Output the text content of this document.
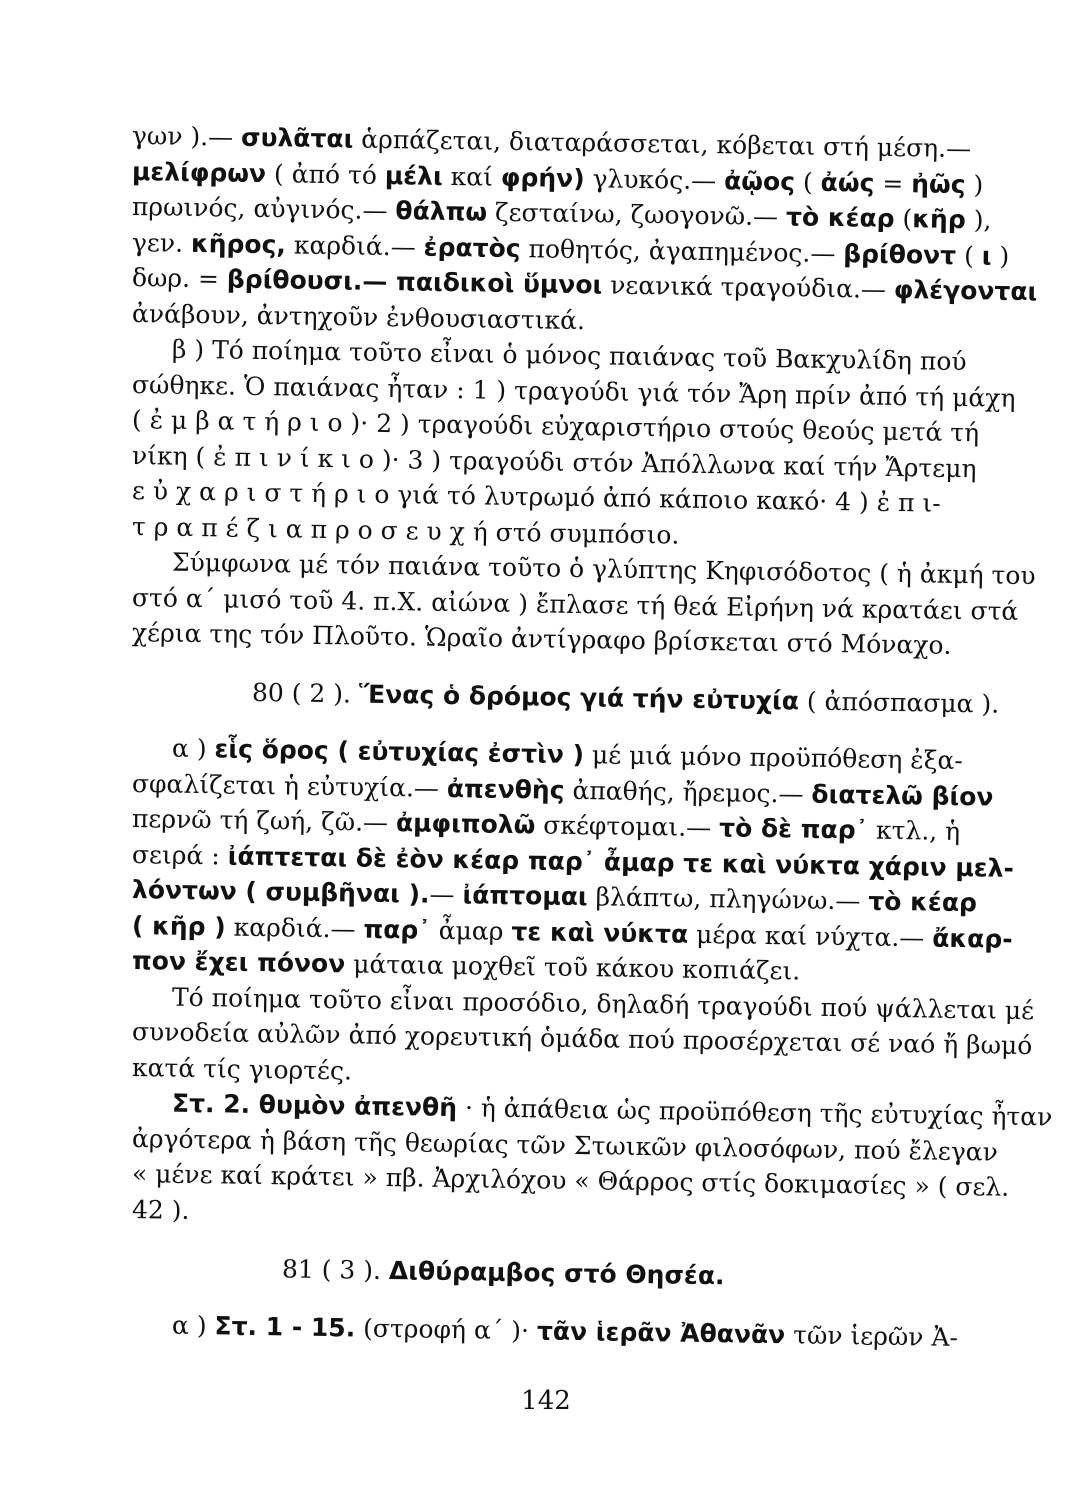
γων ).— συλᾶται ἁρπάζεται, διαταράσσεται, κόβεται στή μέση.—
μελίφρων ( ἀπό τό μέλι καί φρήν) γλυκός.— ἀῷος ( ἀώς = ἠῶς )
πρωινός, αὐγινός.— θάλπω ζεσταίνω, ζωογονῶ.— τὸ κέαρ (κῆρ ),
γεν. κῆρος, καρδιά.— ἐρατὸς ποθητός, ἀγαπημένος.— βρίθοντ ( ι )
δωρ. = βρίθουσι.— παιδικοὶ ὕμνοι νεανικά τραγούδια.— φλέγονται
ἀνάβουν, ἀντηχοῦν ἐνθουσιαστικά.
β ) Τό ποίημα τοῦτο εἶναι ὁ μόνος παιάνας τοῦ Βακχυλίδη πού
σώθηκε. Ὁ παιάνας ἦταν : 1 ) τραγούδι γιά τόν Ἄρη πρίν ἀπό τή μάχη
( ἐ μ β α τ ή ρ ι ο )· 2 ) τραγούδι εὐχαριστήριο στούς θεούς μετά τή
νίκη ( ἐ π ι ν ί κ ι ο )· 3 ) τραγούδι στόν Ἀπόλλωνα καί τήν Ἄρτεμη
ε ὐ χ α ρ ι σ τ ή ρ ι ο γιά τό λυτρωμό ἀπό κάποιο κακό· 4 ) ἐ π ι-
τ ρ α π έ ζ ι α π ρ ο σ ε υ χ ή στό συμπόσιο.
Σύμφωνα μέ τόν παιάνα τοῦτο ὁ γλύπτης Κηφισόδοτος ( ἡ ἀκμή του
στό α΄ μισό τοῦ 4. π.Χ. αἰώνα ) ἔπλασε τή θεά Εἰρήνη νά κρατάει στά
χέρια της τόν Πλοῦτο. Ὡραῖο ἀντίγραφο βρίσκεται στό Μόναχο.
80 ( 2 ). Ἕνας ὁ δρόμος γιά τήν εὐτυχία ( ἀπόσπασμα ).
α ) εἷς ὅρος ( εὐτυχίας ἐστὶν ) μέ μιά μόνο προϋπόθεση ἐξα-
σφαλίζεται ἡ εὐτυχία.— ἀπενθὴς ἀπαθής, ἤρεμος.— διατελῶ βίον
περνῶ τή ζωή, ζῶ.— ἀμφιπολῶ σκέφτομαι.— τὸ δὲ παρ᾽ κτλ., ἡ
σειρά : ἰάπτεται δὲ ἐὸν κέαρ παρ᾽ ἆμαρ τε καὶ νύκτα χάριν μελ-
λόντων ( συμβῆναι ).— ἰάπτομαι βλάπτω, πληγώνω.— τὸ κέαρ
( κῆρ ) καρδιά.— παρ᾽ ἆμαρ τε καὶ νύκτα μέρα καί νύχτα.— ἄκαρ-
πον ἔχει πόνον μάταια μοχθεῖ τοῦ κάκου κοπιάζει.
Τό ποίημα τοῦτο εἶναι προσόδιο, δηλαδή τραγούδι πού ψάλλεται μέ
συνοδεία αὐλῶν ἀπό χορευτική ὁμάδα πού προσέρχεται σέ ναό ἤ βωμό
κατά τίς γιορτές.
Στ. 2. θυμὸν ἀπενθῆ · ἡ ἀπάθεια ὡς προϋπόθεση τῆς εὐτυχίας ἦταν
ἀργότερα ἡ βάση τῆς θεωρίας τῶν Στωικῶν φιλοσόφων, πού ἔλεγαν
« μένε καί κράτει » πβ. Ἀρχιλόχου « Θάρρος στίς δοκιμασίες » ( σελ.
42 ).
81 ( 3 ). Διθύραμβος στό Θησέα.
α ) Στ. 1 - 15. (στροφή α΄ )· τᾶν ἱερᾶν Ἀθανᾶν τῶν ἱερῶν Ἀ-
142
